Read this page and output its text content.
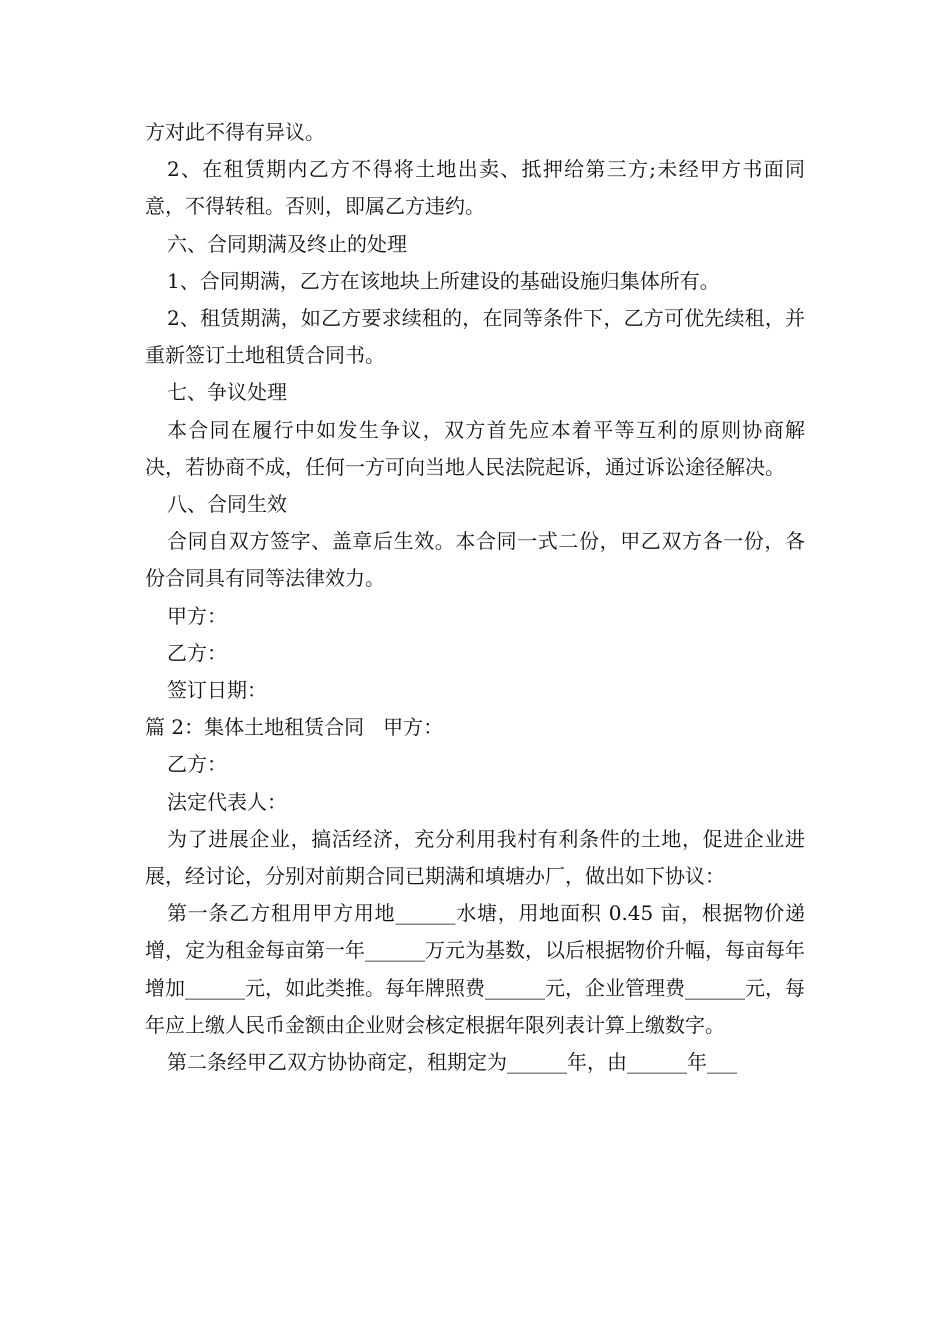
方对此不得有异议。

2、在租赁期内乙方不得将土地出卖、抵押给第三方;未经甲方书面同意，不得转租。否则，即属乙方违约。

六、合同期满及终止的处理

1、合同期满，乙方在该地块上所建设的基础设施归集体所有。

2、租赁期满，如乙方要求续租的，在同等条件下，乙方可优先续租，并重新签订土地租赁合同书。

七、争议处理

本合同在履行中如发生争议，双方首先应本着平等互利的原则协商解决，若协商不成，任何一方可向当地人民法院起诉，通过诉讼途径解决。

八、合同生效

合同自双方签字、盖章后生效。本合同一式二份，甲乙双方各一份，各份合同具有同等法律效力。

甲方：

乙方：

签订日期：

篇 2：集体土地租赁合同   甲方：

乙方：

法定代表人：

为了进展企业，搞活经济，充分利用我村有利条件的土地，促进企业进展，经讨论，分别对前期合同已期满和填塘办厂，做出如下协议：

第一条乙方租用甲方用地______水塘，用地面积 0.45 亩，根据物价递增，定为租金每亩第一年______万元为基数，以后根据物价升幅，每亩每年增加______元，如此类推。每年牌照费______元，企业管理费______元，每年应上缴人民币金额由企业财会核定根据年限列表计算上缴数字。

第二条经甲乙双方协协商定，租期定为______年，由______年___
